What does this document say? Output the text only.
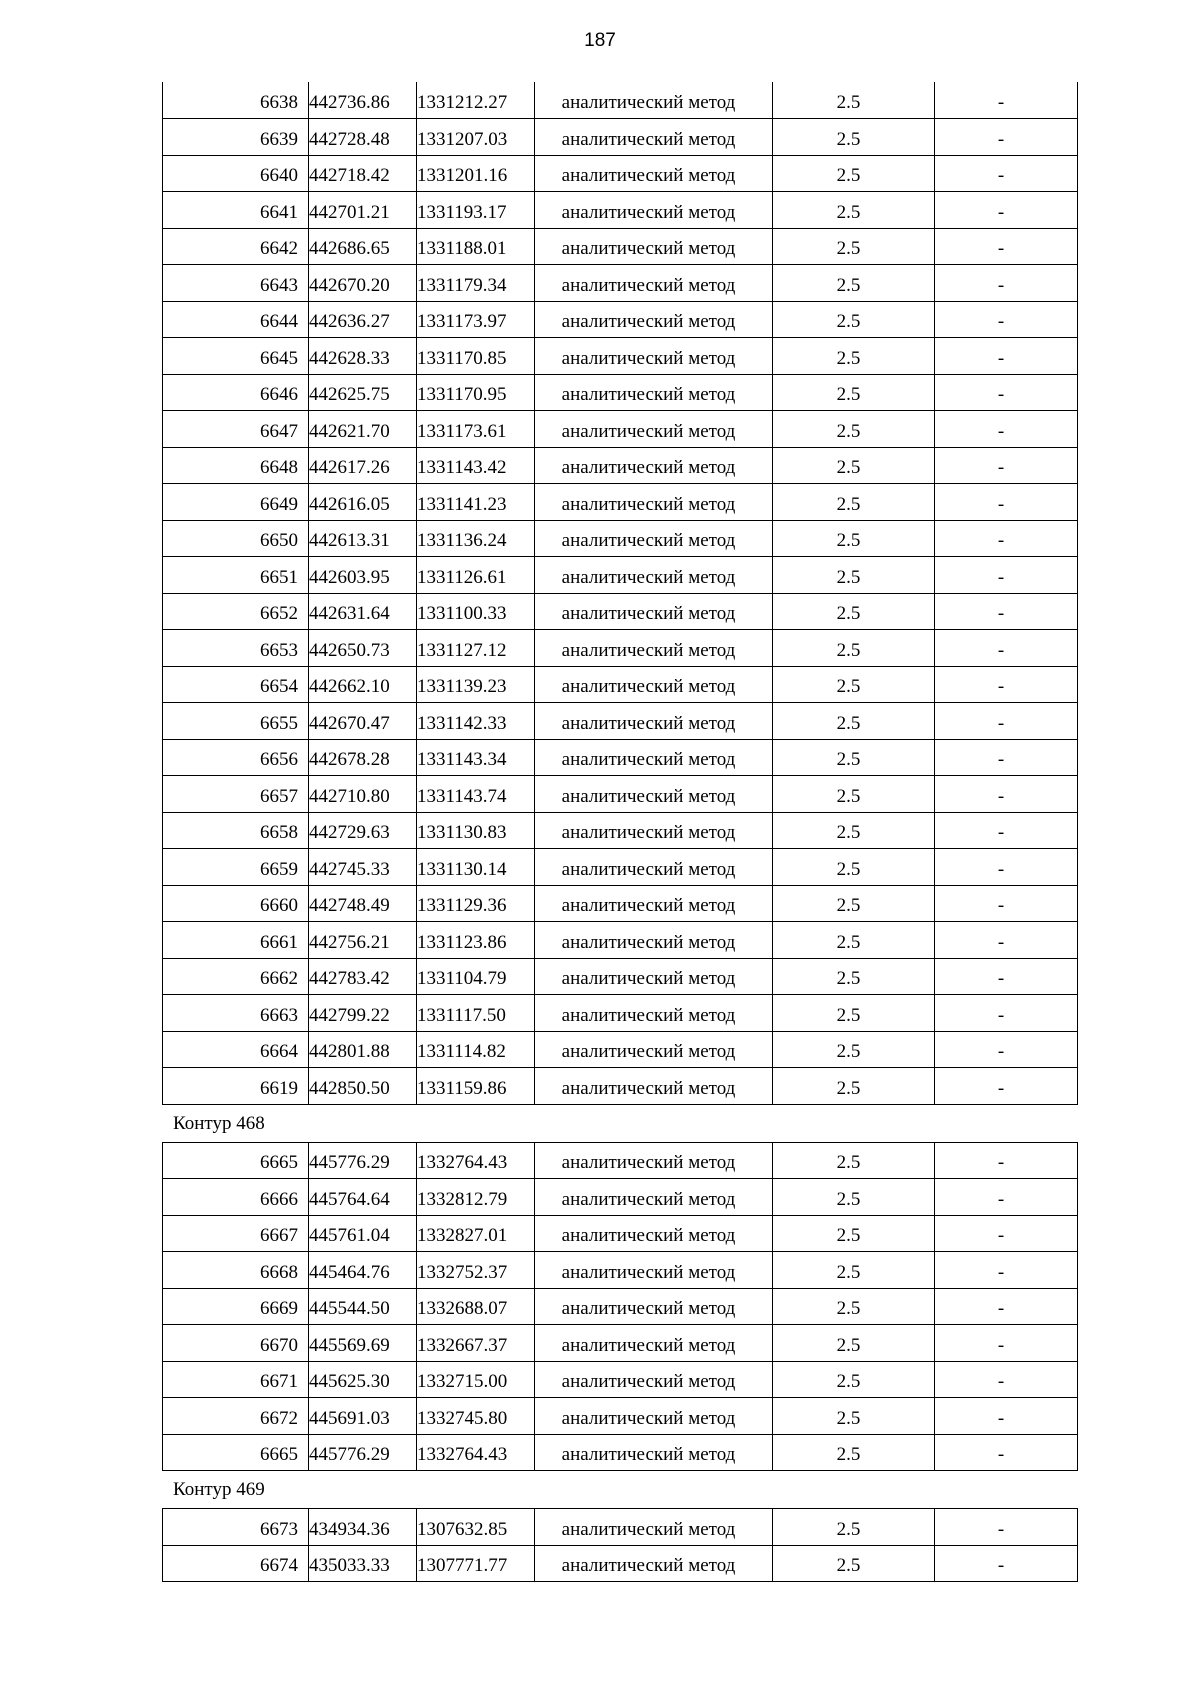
187
6638	442736.86	1331212.27	аналитический метод	2.5	-
6639	442728.48	1331207.03	аналитический метод	2.5	-
6640	442718.42	1331201.16	аналитический метод	2.5	-
6641	442701.21	1331193.17	аналитический метод	2.5	-
6642	442686.65	1331188.01	аналитический метод	2.5	-
6643	442670.20	1331179.34	аналитический метод	2.5	-
6644	442636.27	1331173.97	аналитический метод	2.5	-
6645	442628.33	1331170.85	аналитический метод	2.5	-
6646	442625.75	1331170.95	аналитический метод	2.5	-
6647	442621.70	1331173.61	аналитический метод	2.5	-
6648	442617.26	1331143.42	аналитический метод	2.5	-
6649	442616.05	1331141.23	аналитический метод	2.5	-
6650	442613.31	1331136.24	аналитический метод	2.5	-
6651	442603.95	1331126.61	аналитический метод	2.5	-
6652	442631.64	1331100.33	аналитический метод	2.5	-
6653	442650.73	1331127.12	аналитический метод	2.5	-
6654	442662.10	1331139.23	аналитический метод	2.5	-
6655	442670.47	1331142.33	аналитический метод	2.5	-
6656	442678.28	1331143.34	аналитический метод	2.5	-
6657	442710.80	1331143.74	аналитический метод	2.5	-
6658	442729.63	1331130.83	аналитический метод	2.5	-
6659	442745.33	1331130.14	аналитический метод	2.5	-
6660	442748.49	1331129.36	аналитический метод	2.5	-
6661	442756.21	1331123.86	аналитический метод	2.5	-
6662	442783.42	1331104.79	аналитический метод	2.5	-
6663	442799.22	1331117.50	аналитический метод	2.5	-
6664	442801.88	1331114.82	аналитический метод	2.5	-
6619	442850.50	1331159.86	аналитический метод	2.5	-
Контур 468
6665	445776.29	1332764.43	аналитический метод	2.5	-
6666	445764.64	1332812.79	аналитический метод	2.5	-
6667	445761.04	1332827.01	аналитический метод	2.5	-
6668	445464.76	1332752.37	аналитический метод	2.5	-
6669	445544.50	1332688.07	аналитический метод	2.5	-
6670	445569.69	1332667.37	аналитический метод	2.5	-
6671	445625.30	1332715.00	аналитический метод	2.5	-
6672	445691.03	1332745.80	аналитический метод	2.5	-
6665	445776.29	1332764.43	аналитический метод	2.5	-
Контур 469
6673	434934.36	1307632.85	аналитический метод	2.5	-
6674	435033.33	1307771.77	аналитический метод	2.5	-
